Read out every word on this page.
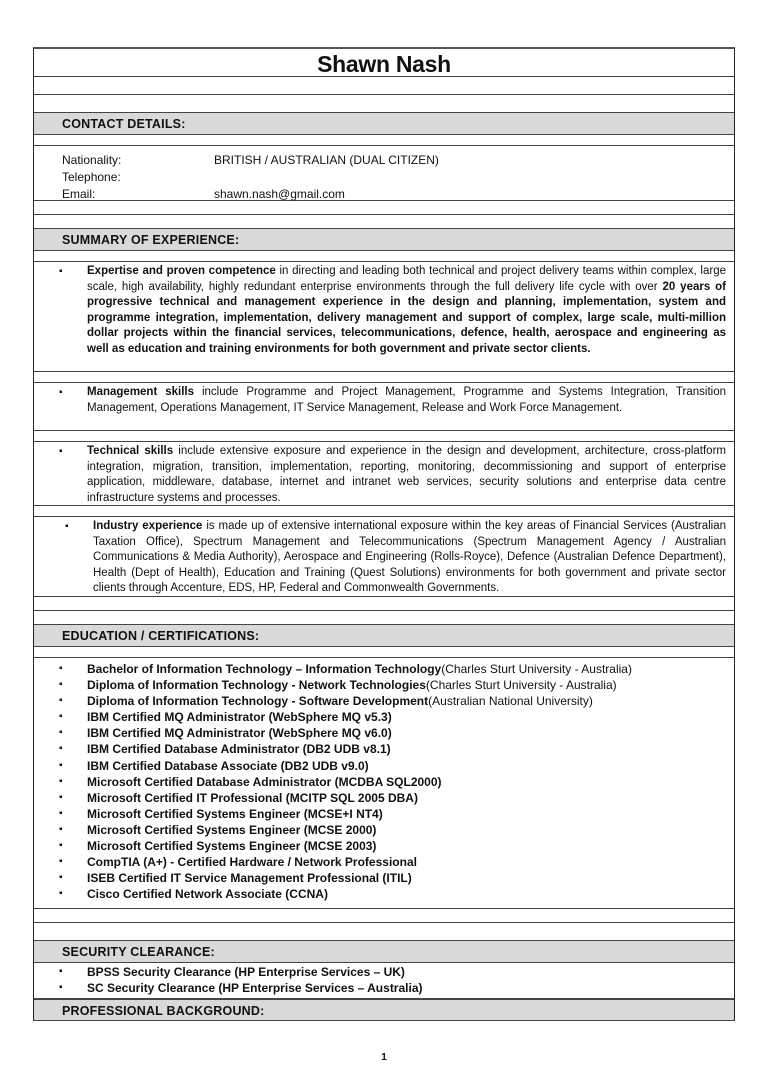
Shawn Nash
CONTACT DETAILS:
Nationality:	BRITISH / AUSTRALIAN (DUAL CITIZEN)
Telephone:
Email:	shawn.nash@gmail.com
SUMMARY OF EXPERIENCE:
▪	Expertise and proven competence in directing and leading both technical and project delivery teams within complex, large scale, high availability, highly redundant enterprise environments through the full delivery life cycle with over 20 years of progressive technical and management experience in the design and planning, implementation, system and programme integration, implementation, delivery management and support of complex, large scale, multi-million dollar projects within the financial services, telecommunications, defence, health, aerospace and engineering as well as education and training environments for both government and private sector clients.
▪	Management skills include Programme and Project Management, Programme and Systems Integration, Transition Management, Operations Management, IT Service Management, Release and Work Force Management.
▪	Technical skills include extensive exposure and experience in the design and development, architecture, cross-platform integration, migration, transition, implementation, reporting, monitoring, decommissioning and support of enterprise application, middleware, database, internet and intranet web services, security solutions and enterprise data centre infrastructure systems and processes.
▪	Industry experience is made up of extensive international exposure within the key areas of Financial Services (Australian Taxation Office), Spectrum Management and Telecommunications (Spectrum Management Agency / Australian Communications & Media Authority), Aerospace and Engineering (Rolls-Royce), Defence (Australian Defence Department), Health (Dept of Health), Education and Training (Quest Solutions) environments for both government and private sector clients through Accenture, EDS, HP, Federal and Commonwealth Governments.
EDUCATION / CERTIFICATIONS:
▪	Bachelor of Information Technology – Information Technology (Charles Sturt University - Australia)
▪	Diploma of Information Technology - Network Technologies (Charles Sturt University - Australia)
▪	Diploma of Information Technology - Software Development (Australian National University)
▪	IBM Certified MQ Administrator (WebSphere MQ v5.3)
▪	IBM Certified MQ Administrator (WebSphere MQ v6.0)
▪	IBM Certified Database Administrator (DB2 UDB v8.1)
▪	IBM Certified Database Associate (DB2 UDB v9.0)
▪	Microsoft Certified Database Administrator (MCDBA SQL2000)
▪	Microsoft Certified IT Professional (MCITP SQL 2005 DBA)
▪	Microsoft Certified Systems Engineer (MCSE+I NT4)
▪	Microsoft Certified Systems Engineer (MCSE 2000)
▪	Microsoft Certified Systems Engineer (MCSE 2003)
▪	CompTIA (A+) - Certified Hardware / Network Professional
▪	ISEB Certified IT Service Management Professional (ITIL)
▪	Cisco Certified Network Associate (CCNA)
SECURITY CLEARANCE:
▪	BPSS Security Clearance (HP Enterprise Services – UK)
▪	SC Security Clearance (HP Enterprise Services – Australia)
PROFESSIONAL BACKGROUND:
1
